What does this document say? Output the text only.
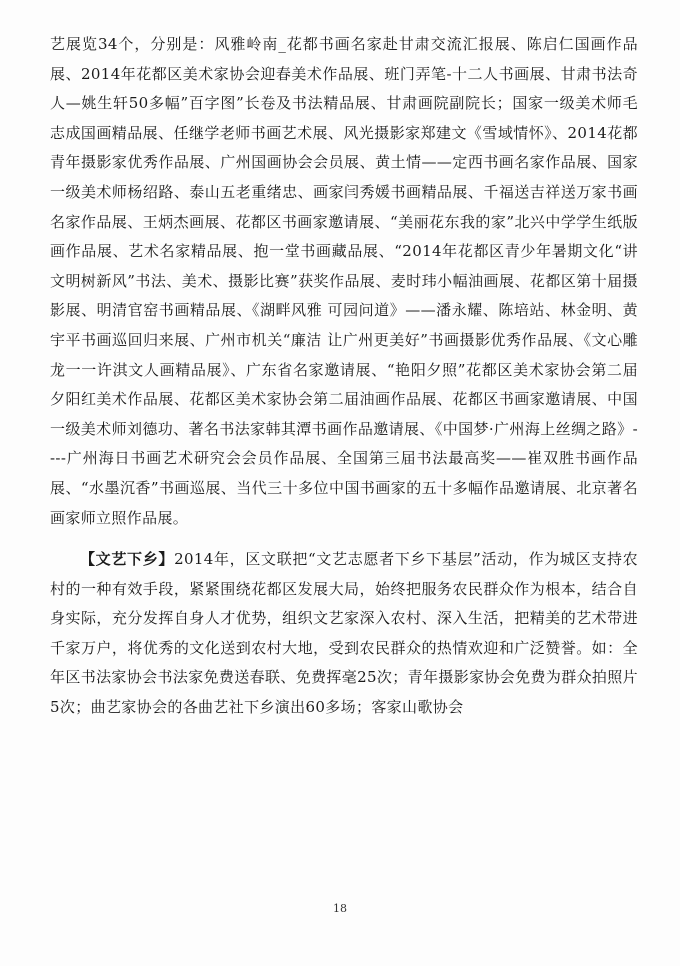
艺展览34个，分别是：风雅岭南_花都书画名家赴甘肃交流汇报展、陈启仁国画作品展、2014年花都区美术家协会迎春美术作品展、班门弄笔-十二人书画展、甘肃书法奇人—姚生轩50多幅”百字图”长卷及书法精品展、甘肃画院副院长；国家一级美术师毛志成国画精品展、任继学老师书画艺术展、风光摄影家郑建文《雪域情怀》、2014花都青年摄影家优秀作品展、广州国画协会会员展、黄土情——定西书画名家作品展、国家一级美术师杨绍路、泰山五老重绪忠、画家闫秀媛书画精品展、千福送吉祥送万家书画名家作品展、王炳杰画展、花都区书画家邀请展、“美丽花东我的家”北兴中学学生纸版画作品展、艺术名家精品展、抱一堂书画藏品展、“2014年花都区青少年暑期文化“讲文明树新风”书法、美术、摄影比赛”获奖作品展、麦时玮小幅油画展、花都区第十届摄影展、明清官窑书画精品展、《湖畔风雅 可园问道》——潘永耀、陈培站、林金明、黄宇平书画巡回归来展、广州市机关“廉洁 让广州更美好”书画摄影优秀作品展、《文心雕龙一一许淇文人画精品展》、广东省名家邀请展、“艳阳夕照”花都区美术家协会第二届夕阳红美术作品展、花都区美术家协会第二届油画作品展、花都区书画家邀请展、中国一级美术师刘德功、著名书法家韩其潭书画作品邀请展、《中国梦·广州海上丝绸之路》----广州海日书画艺术研究会会员作品展、全国第三届书法最高奖——崔双胜书画作品展、“水墨沉香”书画巡展、当代三十多位中国书画家的五十多幅作品邀请展、北京著名画家师立照作品展。

【文艺下乡】2014年，区文联把“文艺志愿者下乡下基层”活动，作为城区支持农村的一种有效手段，紧紧围绕花都区发展大局，始终把服务农民群众作为根本，结合自身实际，充分发挥自身人才优势，组织文艺家深入农村、深入生活，把精美的艺术带进千家万户，将优秀的文化送到农村大地，受到农民群众的热情欢迎和广泛赞誉。如：全年区书法家协会书法家免费送春联、免费挥毫25次；青年摄影家协会免费为群众拍照片5次；曲艺家协会的各曲艺社下乡演出60多场；客家山歌协会

18
